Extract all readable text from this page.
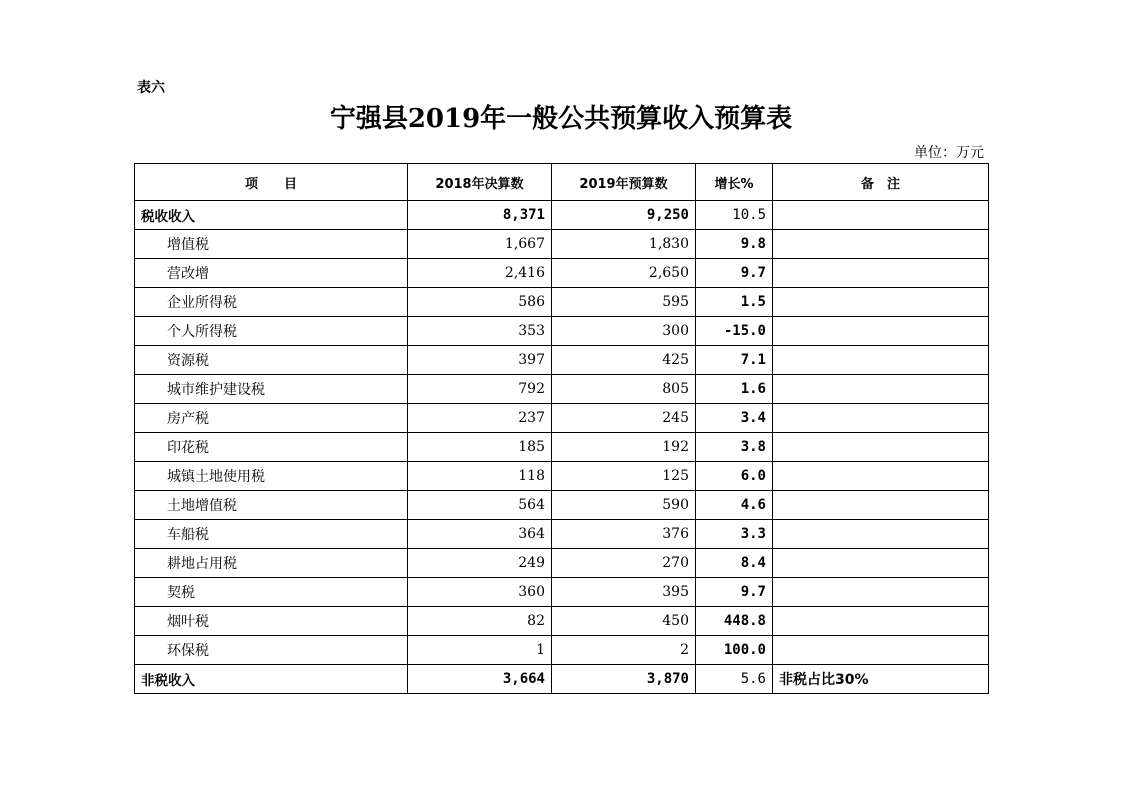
表六
宁强县2019年一般公共预算收入预算表
单位：万元
项　　目	2018年决算数	2019年预算数	增长%	备　注
税收收入	8,371	9,250	10.5	
增值税	1,667	1,830	9.8	
营改增	2,416	2,650	9.7	
企业所得税	586	595	1.5	
个人所得税	353	300	-15.0	
资源税	397	425	7.1	
城市维护建设税	792	805	1.6	
房产税	237	245	3.4	
印花税	185	192	3.8	
城镇土地使用税	118	125	6.0	
土地增值税	564	590	4.6	
车船税	364	376	3.3	
耕地占用税	249	270	8.4	
契税	360	395	9.7	
烟叶税	82	450	448.8	
环保税	1	2	100.0	
非税收入	3,664	3,870	5.6	非税占比30%
